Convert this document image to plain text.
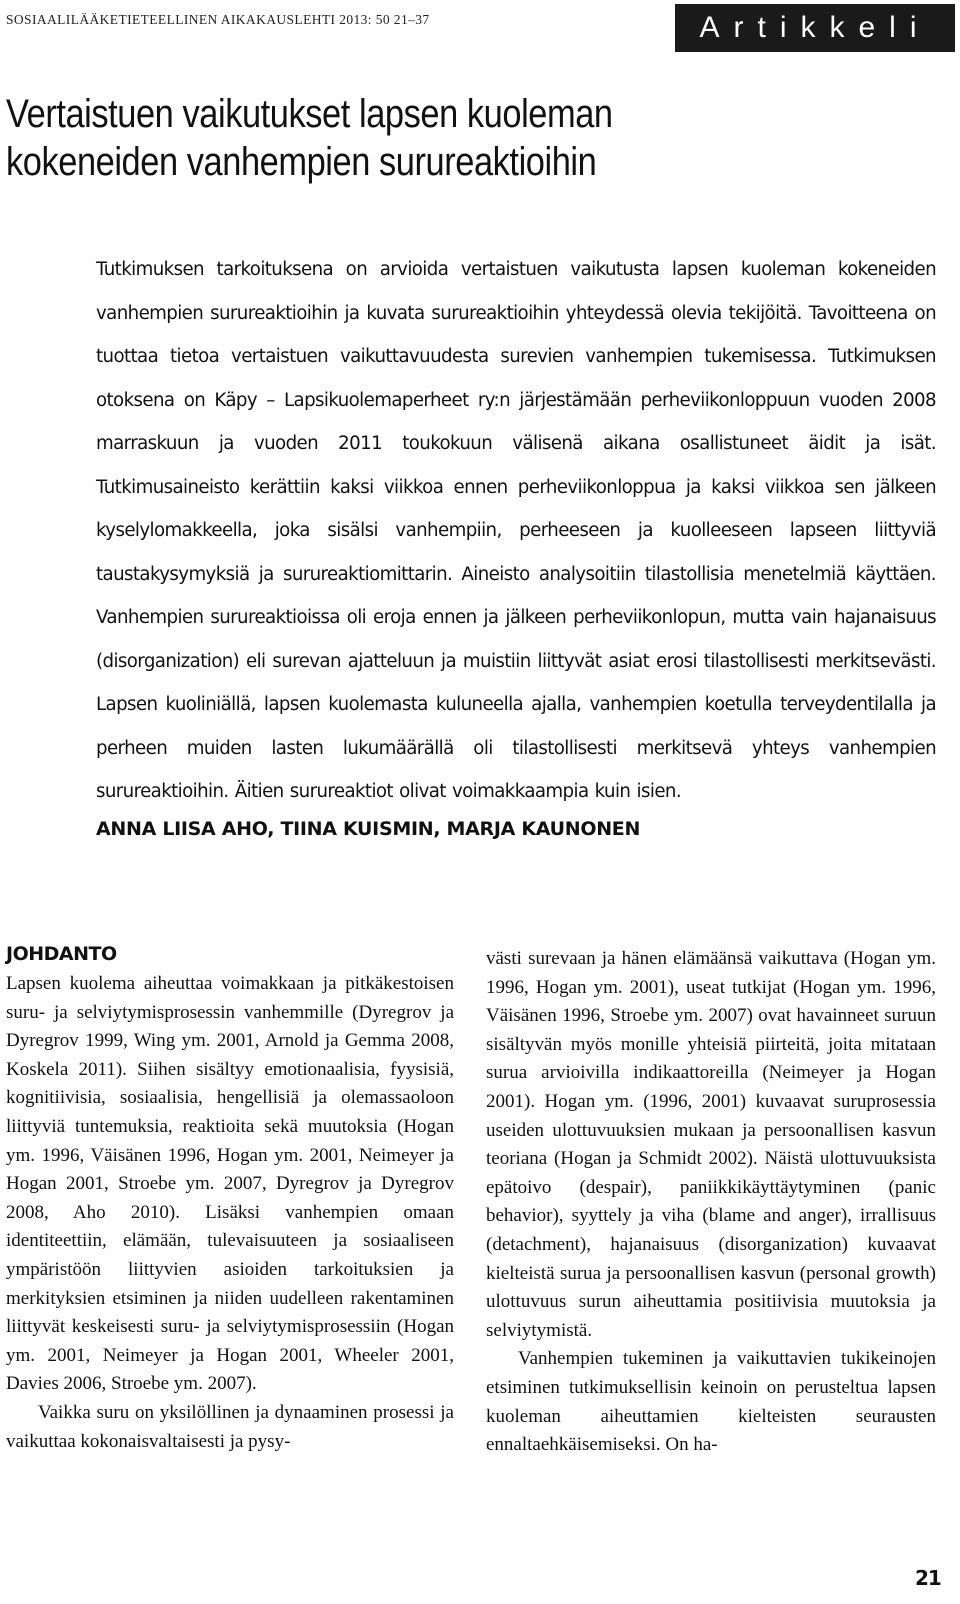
SOSIAALILÄÄKETIETEELLINEN AIKAKAUSLEHTI 2013: 50 21–37	Artikkeli
Vertaistuen vaikutukset lapsen kuoleman kokeneiden vanhempien surureaktioihin

Tutkimuksen tarkoituksena on arvioida vertaistuen vaikutusta lapsen kuoleman kokeneiden vanhempien surureaktioihin ja kuvata surureaktioihin yhteydessä olevia tekijöitä. Tavoitteena on tuottaa tietoa vertaistuen vaikuttavuudesta surevien vanhempien tukemisessa. Tutkimuksen otoksena on Käpy – Lapsikuolemaperheet ry:n järjestämään perheviikonloppuun vuoden 2008 marraskuun ja vuoden 2011 toukokuun välisenä aikana osallistuneet äidit ja isät. Tutkimusaineisto kerättiin kaksi viikkoa ennen perheviikonloppua ja kaksi viikkoa sen jälkeen kyselylomakkeella, joka sisälsi vanhempiin, perheeseen ja kuolleeseen lapseen liittyviä taustakysymyksiä ja surureaktiomittarin. Aineisto analysoitiin tilastollisia menetelmiä käyttäen. Vanhempien surureaktioissa oli eroja ennen ja jälkeen perheviikonlopun, mutta vain hajanaisuus (disorganization) eli surevan ajatteluun ja muistiin liittyvät asiat erosi tilastollisesti merkitsevästi. Lapsen kuoliniällä, lapsen kuolemasta kuluneella ajalla, vanhempien koetulla terveydentilalla ja perheen muiden lasten lukumäärällä oli tilastollisesti merkitsevä yhteys vanhempien surureaktioihin. Äitien surureaktiot olivat voimakkaampia kuin isien.

ANNA LIISA AHO, TIINA KUISMIN, MARJA KAUNONEN
JOHDANTO

Lapsen kuolema aiheuttaa voimakkaan ja pitkäkestoisen suru- ja selviytymisprosessin vanhemmille (Dyregrov ja Dyregrov 1999, Wing ym. 2001, Arnold ja Gemma 2008, Koskela 2011). Siihen sisältyy emotionaalisia, fyysisiä, kognitiivisia, sosiaalisia, hengellisiä ja olemassaoloon liittyviä tuntemuksia, reaktioita sekä muutoksia (Hogan ym. 1996, Väisänen 1996, Hogan ym. 2001, Neimeyer ja Hogan 2001, Stroebe ym. 2007, Dyregrov ja Dyregrov 2008, Aho 2010). Lisäksi vanhempien omaan identiteettiin, elämään, tulevaisuuteen ja sosiaaliseen ympäristöön liittyvien asioiden tarkoituksien ja merkityksien etsiminen ja niiden uudelleen rakentaminen liittyvät keskeisesti suru- ja selviytymisprosessiin (Hogan ym. 2001, Neimeyer ja Hogan 2001, Wheeler 2001, Davies 2006, Stroebe ym. 2007).

Vaikka suru on yksilöllinen ja dynaaminen prosessi ja vaikuttaa kokonaisvaltaisesti ja pysy-

västi surevaan ja hänen elämäänsä vaikuttava (Hogan ym. 1996, Hogan ym. 2001), useat tutkijat (Hogan ym. 1996, Väisänen 1996, Stroebe ym. 2007) ovat havainneet suruun sisältyvän myös monille yhteisiä piirteitä, joita mitataan surua arvioivilla indikaattoreilla (Neimeyer ja Hogan 2001). Hogan ym. (1996, 2001) kuvaavat suruprosessia useiden ulottuvuuksien mukaan ja persoonallisen kasvun teoriana (Hogan ja Schmidt 2002). Näistä ulottuvuuksista epätoivo (despair), paniikkikäyttäytyminen (panic behavior), syyttely ja viha (blame and anger), irrallisuus (detachment), hajanaisuus (disorganization) kuvaavat kielteistä surua ja persoonallisen kasvun (personal growth) ulottuvuus surun aiheuttamia positiivisia muutoksia ja selviytymistä.

Vanhempien tukeminen ja vaikuttavien tukikeinojen etsiminen tutkimuksellisin keinoin on perusteltua lapsen kuoleman aiheuttamien kielteisten seurausten ennaltaehkäisemiseksi. On ha-

21
